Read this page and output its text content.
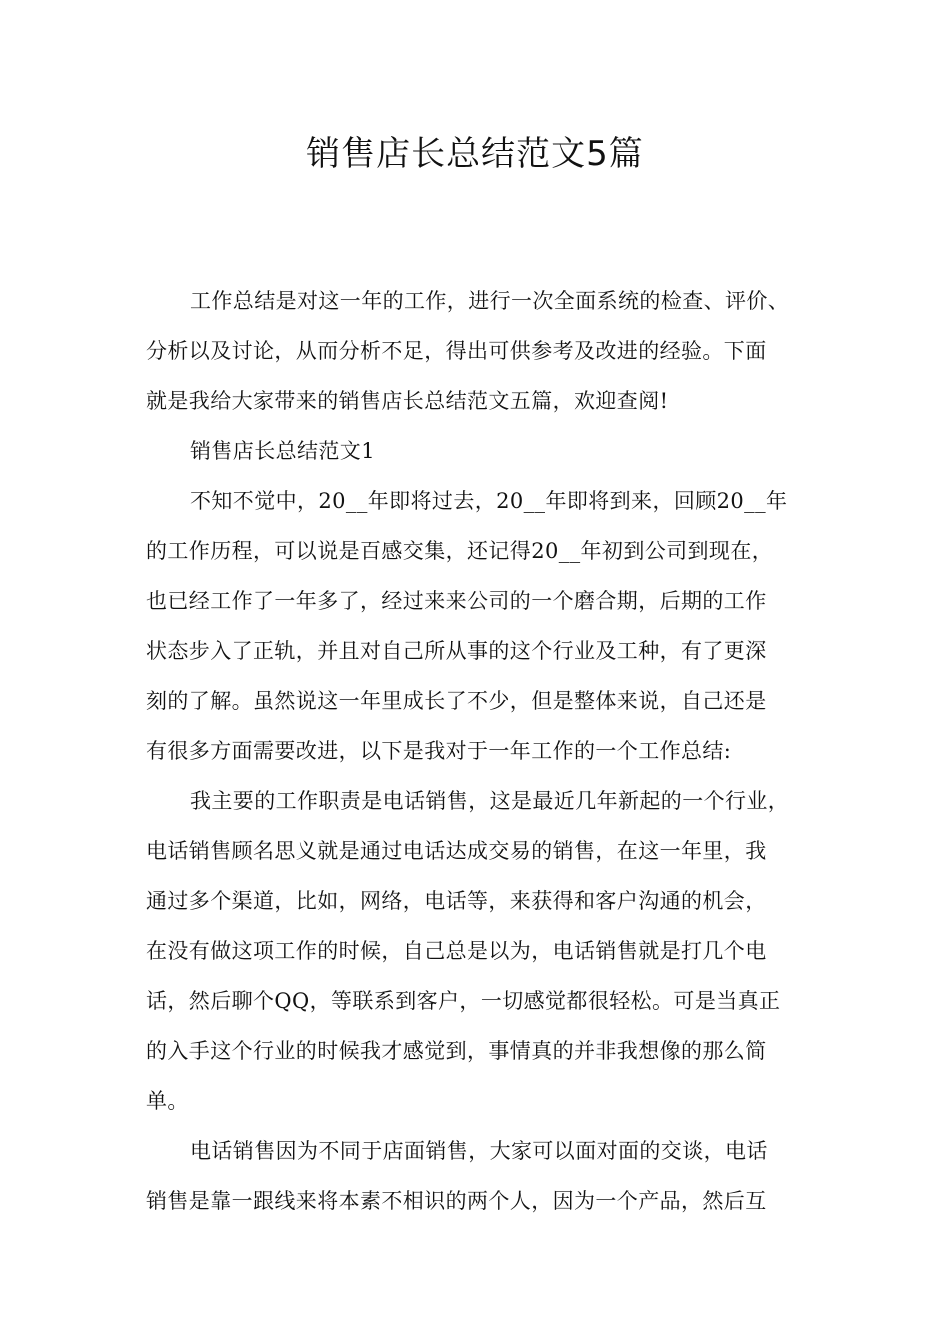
销售店长总结范文5篇
工作总结是对这一年的工作，进行一次全面系统的检查、评价、
分析以及讨论，从而分析不足，得出可供参考及改进的经验。下面
就是我给大家带来的销售店长总结范文五篇，欢迎查阅!
销售店长总结范文1
不知不觉中，20__年即将过去，20__年即将到来，回顾20__年
的工作历程，可以说是百感交集，还记得20__年初到公司到现在，
也已经工作了一年多了，经过来来公司的一个磨合期，后期的工作
状态步入了正轨，并且对自己所从事的这个行业及工种，有了更深
刻的了解。虽然说这一年里成长了不少，但是整体来说，自己还是
有很多方面需要改进，以下是我对于一年工作的一个工作总结:
我主要的工作职责是电话销售，这是最近几年新起的一个行业，
电话销售顾名思义就是通过电话达成交易的销售，在这一年里，我
通过多个渠道，比如，网络，电话等，来获得和客户沟通的机会，
在没有做这项工作的时候，自己总是以为，电话销售就是打几个电
话，然后聊个QQ，等联系到客户，一切感觉都很轻松。可是当真正
的入手这个行业的时候我才感觉到，事情真的并非我想像的那么简
单。
电话销售因为不同于店面销售，大家可以面对面的交谈，电话
销售是靠一跟线来将本素不相识的两个人，因为一个产品，然后互
